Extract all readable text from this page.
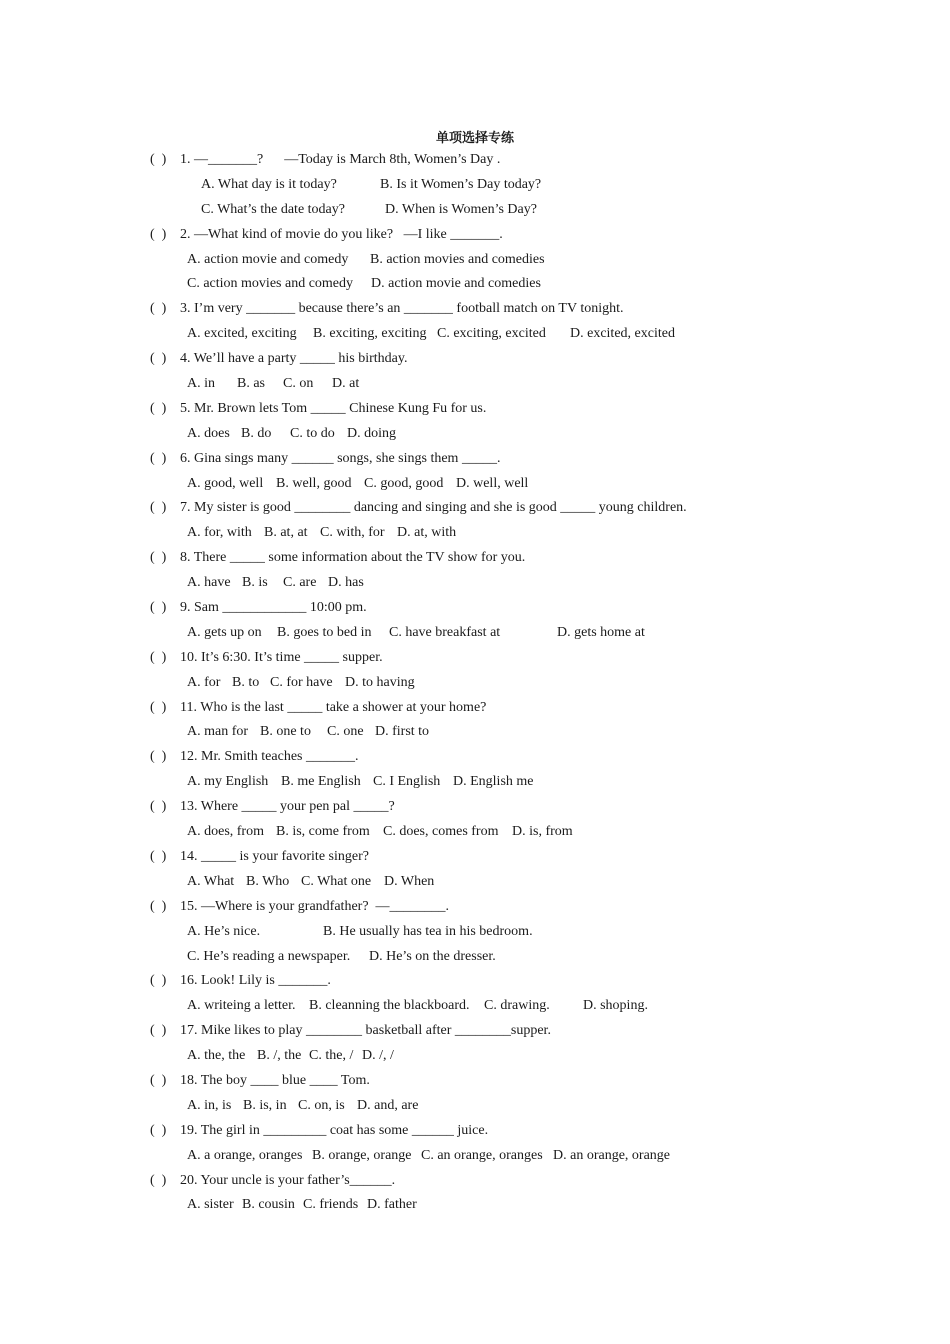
单项选择专练
(  ) 1. —_______?      —Today is March 8th, Women’s Day .
A. What day is it today?	B. Is it Women’s Day today?
C. What’s the date today?	D. When is Women’s Day?
(  ) 2. —What kind of movie do you like?   —I like _______.
A. action movie and comedy B. action movies and comedies
C. action movies and comedy D. action movie and comedies
(  ) 3. I’m very _______ because there’s an _______ football match on TV tonight.
A. excited, exciting B. exciting, exciting C. exciting, excited D. excited, excited
(  ) 4. We’ll have a party _____ his birthday.
A. in B. as C. on D. at
(  ) 5. Mr. Brown lets Tom _____ Chinese Kung Fu for us.
A. does B. do C. to do D. doing
(  ) 6. Gina sings many ______ songs, she sings them _____.
A. good, well B. well, good C. good, good D. well, well
(  ) 7. My sister is good ________ dancing and singing and she is good _____ young children.
A. for, with B. at, at C. with, for D. at, with
(  ) 8. There _____ some information about the TV show for you.
A. have B. is C. are D. has
(  ) 9. Sam ____________ 10:00 pm.
A. gets up on B. goes to bed in C. have breakfast at	D. gets home at
(  ) 10. It’s 6:30. It’s time _____ supper.
A. for B. to C. for have D. to having
(  ) 11. Who is the last _____ take a shower at your home?
A. man for B. one to C. one D. first to
(  ) 12. Mr. Smith teaches _______.
A. my English B. me English C. I English D. English me
(  ) 13. Where _____ your pen pal _____?
A. does, from B. is, come from C. does, comes from D. is, from
(  ) 14. _____ is your favorite singer?
A. What B. Who C. What one D. When
(  ) 15. —Where is your grandfather?  —________.
A. He’s nice.	B. He usually has tea in his bedroom.
C. He’s reading a newspaper. D. He’s on the dresser.
(  ) 16. Look! Lily is _______.
A. writeing a letter. B. cleanning the blackboard. C. drawing. D. shoping.
(  ) 17. Mike likes to play ________ basketball after ________supper.
A. the, the B. /, the C. the, / D. /, /
(  ) 18. The boy ____ blue ____ Tom.
A. in, is B. is, in C. on, is D. and, are
(  ) 19. The girl in _________ coat has some ______ juice.
A. a orange, oranges B. orange, orange C. an orange, oranges D. an orange, orange
(  ) 20. Your uncle is your father’s______.
A. sister B. cousin C. friends D. father
